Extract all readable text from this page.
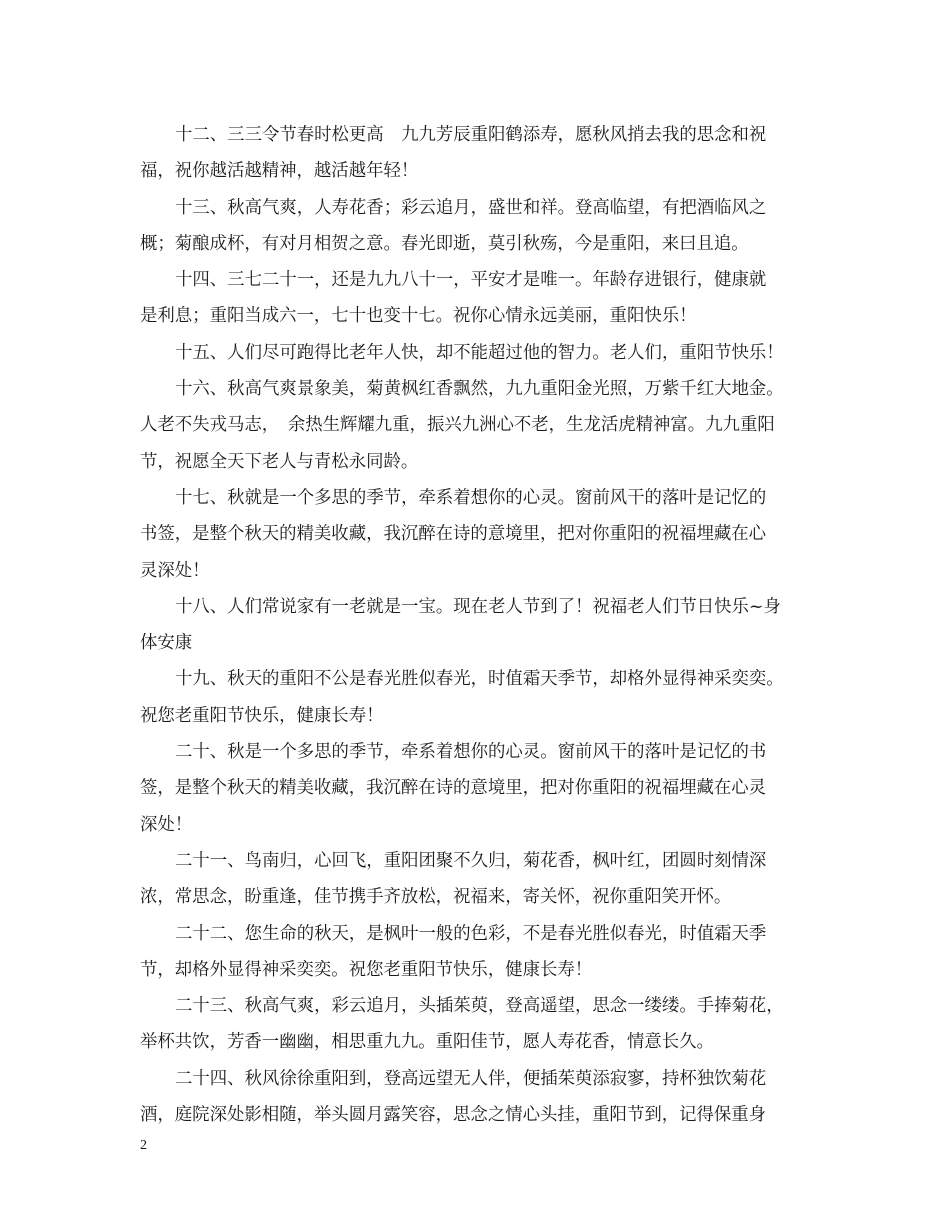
十二、三三令节春时松更高　九九芳辰重阳鹤添寿，愿秋风捎去我的思念和祝
福，祝你越活越精神，越活越年轻！

十三、秋高气爽，人寿花香；彩云追月，盛世和祥。登高临望，有把酒临风之
概；菊酿成杯，有对月相贺之意。春光即逝，莫引秋殇，今是重阳，来曰且追。

十四、三七二十一，还是九九八十一，平安才是唯一。年龄存进银行，健康就
是利息；重阳当成六一，七十也变十七。祝你心情永远美丽，重阳快乐！

十五、人们尽可跑得比老年人快，却不能超过他的智力。老人们，重阳节快乐！

十六、秋高气爽景象美，菊黄枫红香飘然，九九重阳金光照，万紫千红大地金。
人老不失戎马志，　余热生辉耀九重，振兴九洲心不老，生龙活虎精神富。九九重阳
节，祝愿全天下老人与青松永同龄。

十七、秋就是一个多思的季节，牵系着想你的心灵。窗前风干的落叶是记忆的
书签，是整个秋天的精美收藏，我沉醉在诗的意境里，把对你重阳的祝福埋藏在心
灵深处！

十八、人们常说家有一老就是一宝。现在老人节到了！祝福老人们节日快乐~身
体安康

十九、秋天的重阳不公是春光胜似春光，时值霜天季节，却格外显得神采奕奕。
祝您老重阳节快乐，健康长寿！

二十、秋是一个多思的季节，牵系着想你的心灵。窗前风干的落叶是记忆的书
签，是整个秋天的精美收藏，我沉醉在诗的意境里，把对你重阳的祝福埋藏在心灵
深处！

二十一、鸟南归，心回飞，重阳团聚不久归，菊花香，枫叶红，团圆时刻情深
浓，常思念，盼重逢，佳节携手齐放松，祝福来，寄关怀，祝你重阳笑开怀。

二十二、您生命的秋天，是枫叶一般的色彩，不是春光胜似春光，时值霜天季
节，却格外显得神采奕奕。祝您老重阳节快乐，健康长寿！

二十三、秋高气爽，彩云追月，头插茱萸，登高遥望，思念一缕缕。手捧菊花，
举杯共饮，芳香一幽幽，相思重九九。重阳佳节，愿人寿花香，情意长久。

二十四、秋风徐徐重阳到，登高远望无人伴，便插茱萸添寂寥，持杯独饮菊花
酒，庭院深处影相随，举头圆月露笑容，思念之情心头挂，重阳节到，记得保重身

2
